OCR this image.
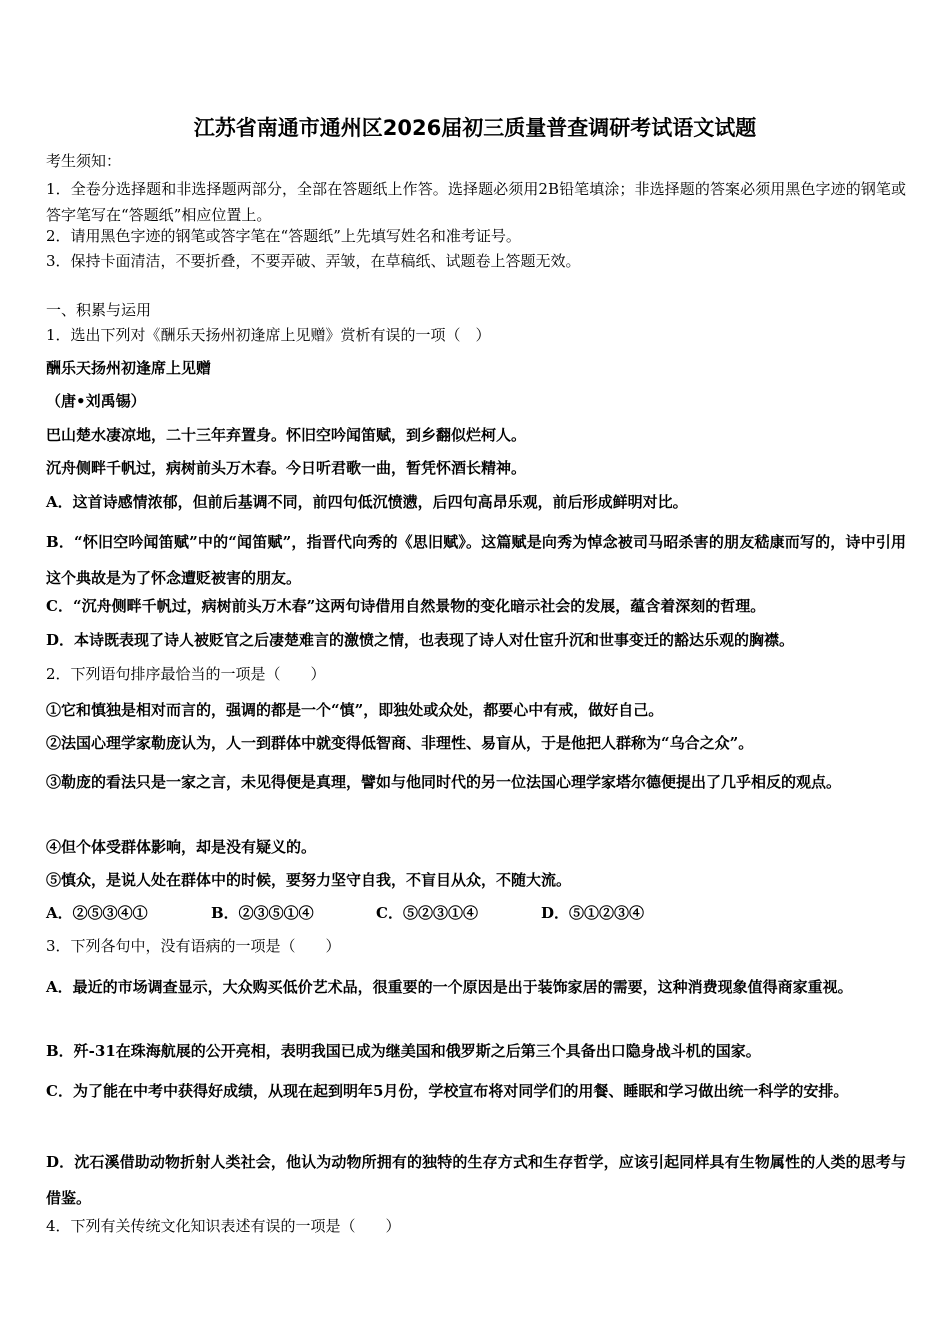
江苏省南通市通州区2026届初三质量普查调研考试语文试题
考生须知：
1．全卷分选择题和非选择题两部分，全部在答题纸上作答。选择题必须用2B铅笔填涂；非选择题的答案必须用黑色字迹的钢笔或答字笔写在“答题纸”相应位置上。
2．请用黑色字迹的钢笔或答字笔在“答题纸”上先填写姓名和准考证号。
3．保持卡面清洁，不要折叠，不要弄破、弄皱，在草稿纸、试题卷上答题无效。
一、积累与运用
1．选出下列对《酬乐天扬州初逢席上见赠》赏析有误的一项（　）
酬乐天扬州初逢席上见赠
（唐•刘禹锡）
巴山楚水凄凉地，二十三年弃置身。怀旧空吟闻笛赋，到乡翻似烂柯人。
沉舟侧畔千帆过，病树前头万木春。今日听君歌一曲，暂凭怀酒长精神。
A．这首诗感情浓郁，但前后基调不同，前四句低沉愤懑，后四句高昂乐观，前后形成鲜明对比。
B．“怀旧空吟闻笛赋”中的“闻笛赋”，指晋代向秀的《思旧赋》。这篇赋是向秀为悼念被司马昭杀害的朋友嵇康而写的，诗中引用这个典故是为了怀念遭贬被害的朋友。
C．“沉舟侧畔千帆过，病树前头万木春”这两句诗借用自然景物的变化暗示社会的发展，蕴含着深刻的哲理。
D．本诗既表现了诗人被贬官之后凄楚难言的激愤之情，也表现了诗人对仕宦升沉和世事变迁的豁达乐观的胸襟。
2．下列语句排序最恰当的一项是（　　）
①它和慎独是相对而言的，强调的都是一个“慎”，即独处或众处，都要心中有戒，做好自己。
②法国心理学家勒庞认为，人一到群体中就变得低智商、非理性、易盲从，于是他把人群称为“乌合之众”。
③勒庞的看法只是一家之言，未见得便是真理，譬如与他同时代的另一位法国心理学家塔尔德便提出了几乎相反的观点。
④但个体受群体影响，却是没有疑义的。
⑤慎众，是说人处在群体中的时候，要努力坚守自我，不盲目从众，不随大流。
A．②⑤③④①	B．②③⑤①④	C．⑤②③①④	D．⑤①②③④
3．下列各句中，没有语病的一项是（　　）
A．最近的市场调查显示，大众购买低价艺术品，很重要的一个原因是出于装饰家居的需要，这种消费现象值得商家重视。
B．歼-31在珠海航展的公开亮相，表明我国已成为继美国和俄罗斯之后第三个具备出口隐身战斗机的国家。
C．为了能在中考中获得好成绩，从现在起到明年5月份，学校宣布将对同学们的用餐、睡眠和学习做出统一科学的安排。
D．沈石溪借助动物折射人类社会，他认为动物所拥有的独特的生存方式和生存哲学，应该引起同样具有生物属性的人类的思考与借鉴。
4．下列有关传统文化知识表述有误的一项是（　　）
